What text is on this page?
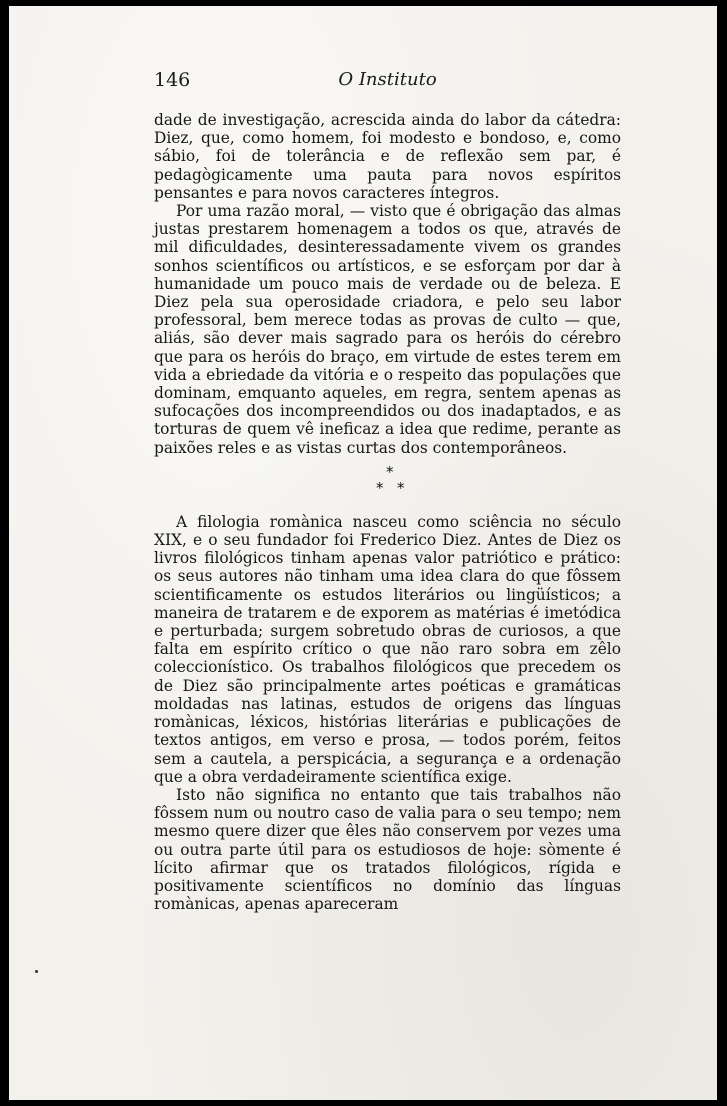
146	O Instituto

dade de investigação, acrescida ainda do labor da cátedra: Diez, que, como homem, foi modesto e bondoso, e, como sábio, foi de tolerância e de reflexão sem par, é pedagògicamente uma pauta para novos espíritos pensantes e para novos caracteres íntegros.

Por uma razão moral, — visto que é obrigação das almas justas prestarem homenagem a todos os que, através de mil dificuldades, desinteressadamente vivem os grandes sonhos scientíficos ou artísticos, e se esforçam por dar à humanidade um pouco mais de verdade ou de beleza. E Diez pela sua operosidade criadora, e pelo seu labor professoral, bem merece todas as provas de culto — que, aliás, são dever mais sagrado para os heróis do cérebro que para os heróis do braço, em virtude de estes terem em vida a ebriedade da vitória e o respeito das populações que dominam, emquanto aqueles, em regra, sentem apenas as sufocações dos incompreendidos ou dos inadaptados, e as torturas de quem vê ineficaz a idea que redime, perante as paixões reles e as vistas curtas dos contemporâneos.

*
* *

A filologia romànica nasceu como sciência no século XIX, e o seu fundador foi Frederico Diez. Antes de Diez os livros filológicos tinham apenas valor patriótico e prático: os seus autores não tinham uma idea clara do que fôssem scientificamente os estudos literários ou lingüísticos; a maneira de tratarem e de exporem as matérias é imetódica e perturbada; surgem sobretudo obras de curiosos, a que falta em espírito crítico o que não raro sobra em zêlo coleccionístico. Os trabalhos filológicos que precedem os de Diez são principalmente artes poéticas e gramáticas moldadas nas latinas, estudos de origens das línguas romànicas, léxicos, histórias literárias e publicações de textos antigos, em verso e prosa, — todos porém, feitos sem a cautela, a perspicácia, a segurança e a ordenação que a obra verdadeiramente scientífica exige.

Isto não significa no entanto que tais trabalhos não fôssem num ou noutro caso de valia para o seu tempo; nem mesmo quere dizer que êles não conservem por vezes uma ou outra parte útil para os estudiosos de hoje: sòmente é lícito afirmar que os tratados filológicos, rígida e positivamente scientíficos no domínio das línguas romànicas, apenas apareceram
